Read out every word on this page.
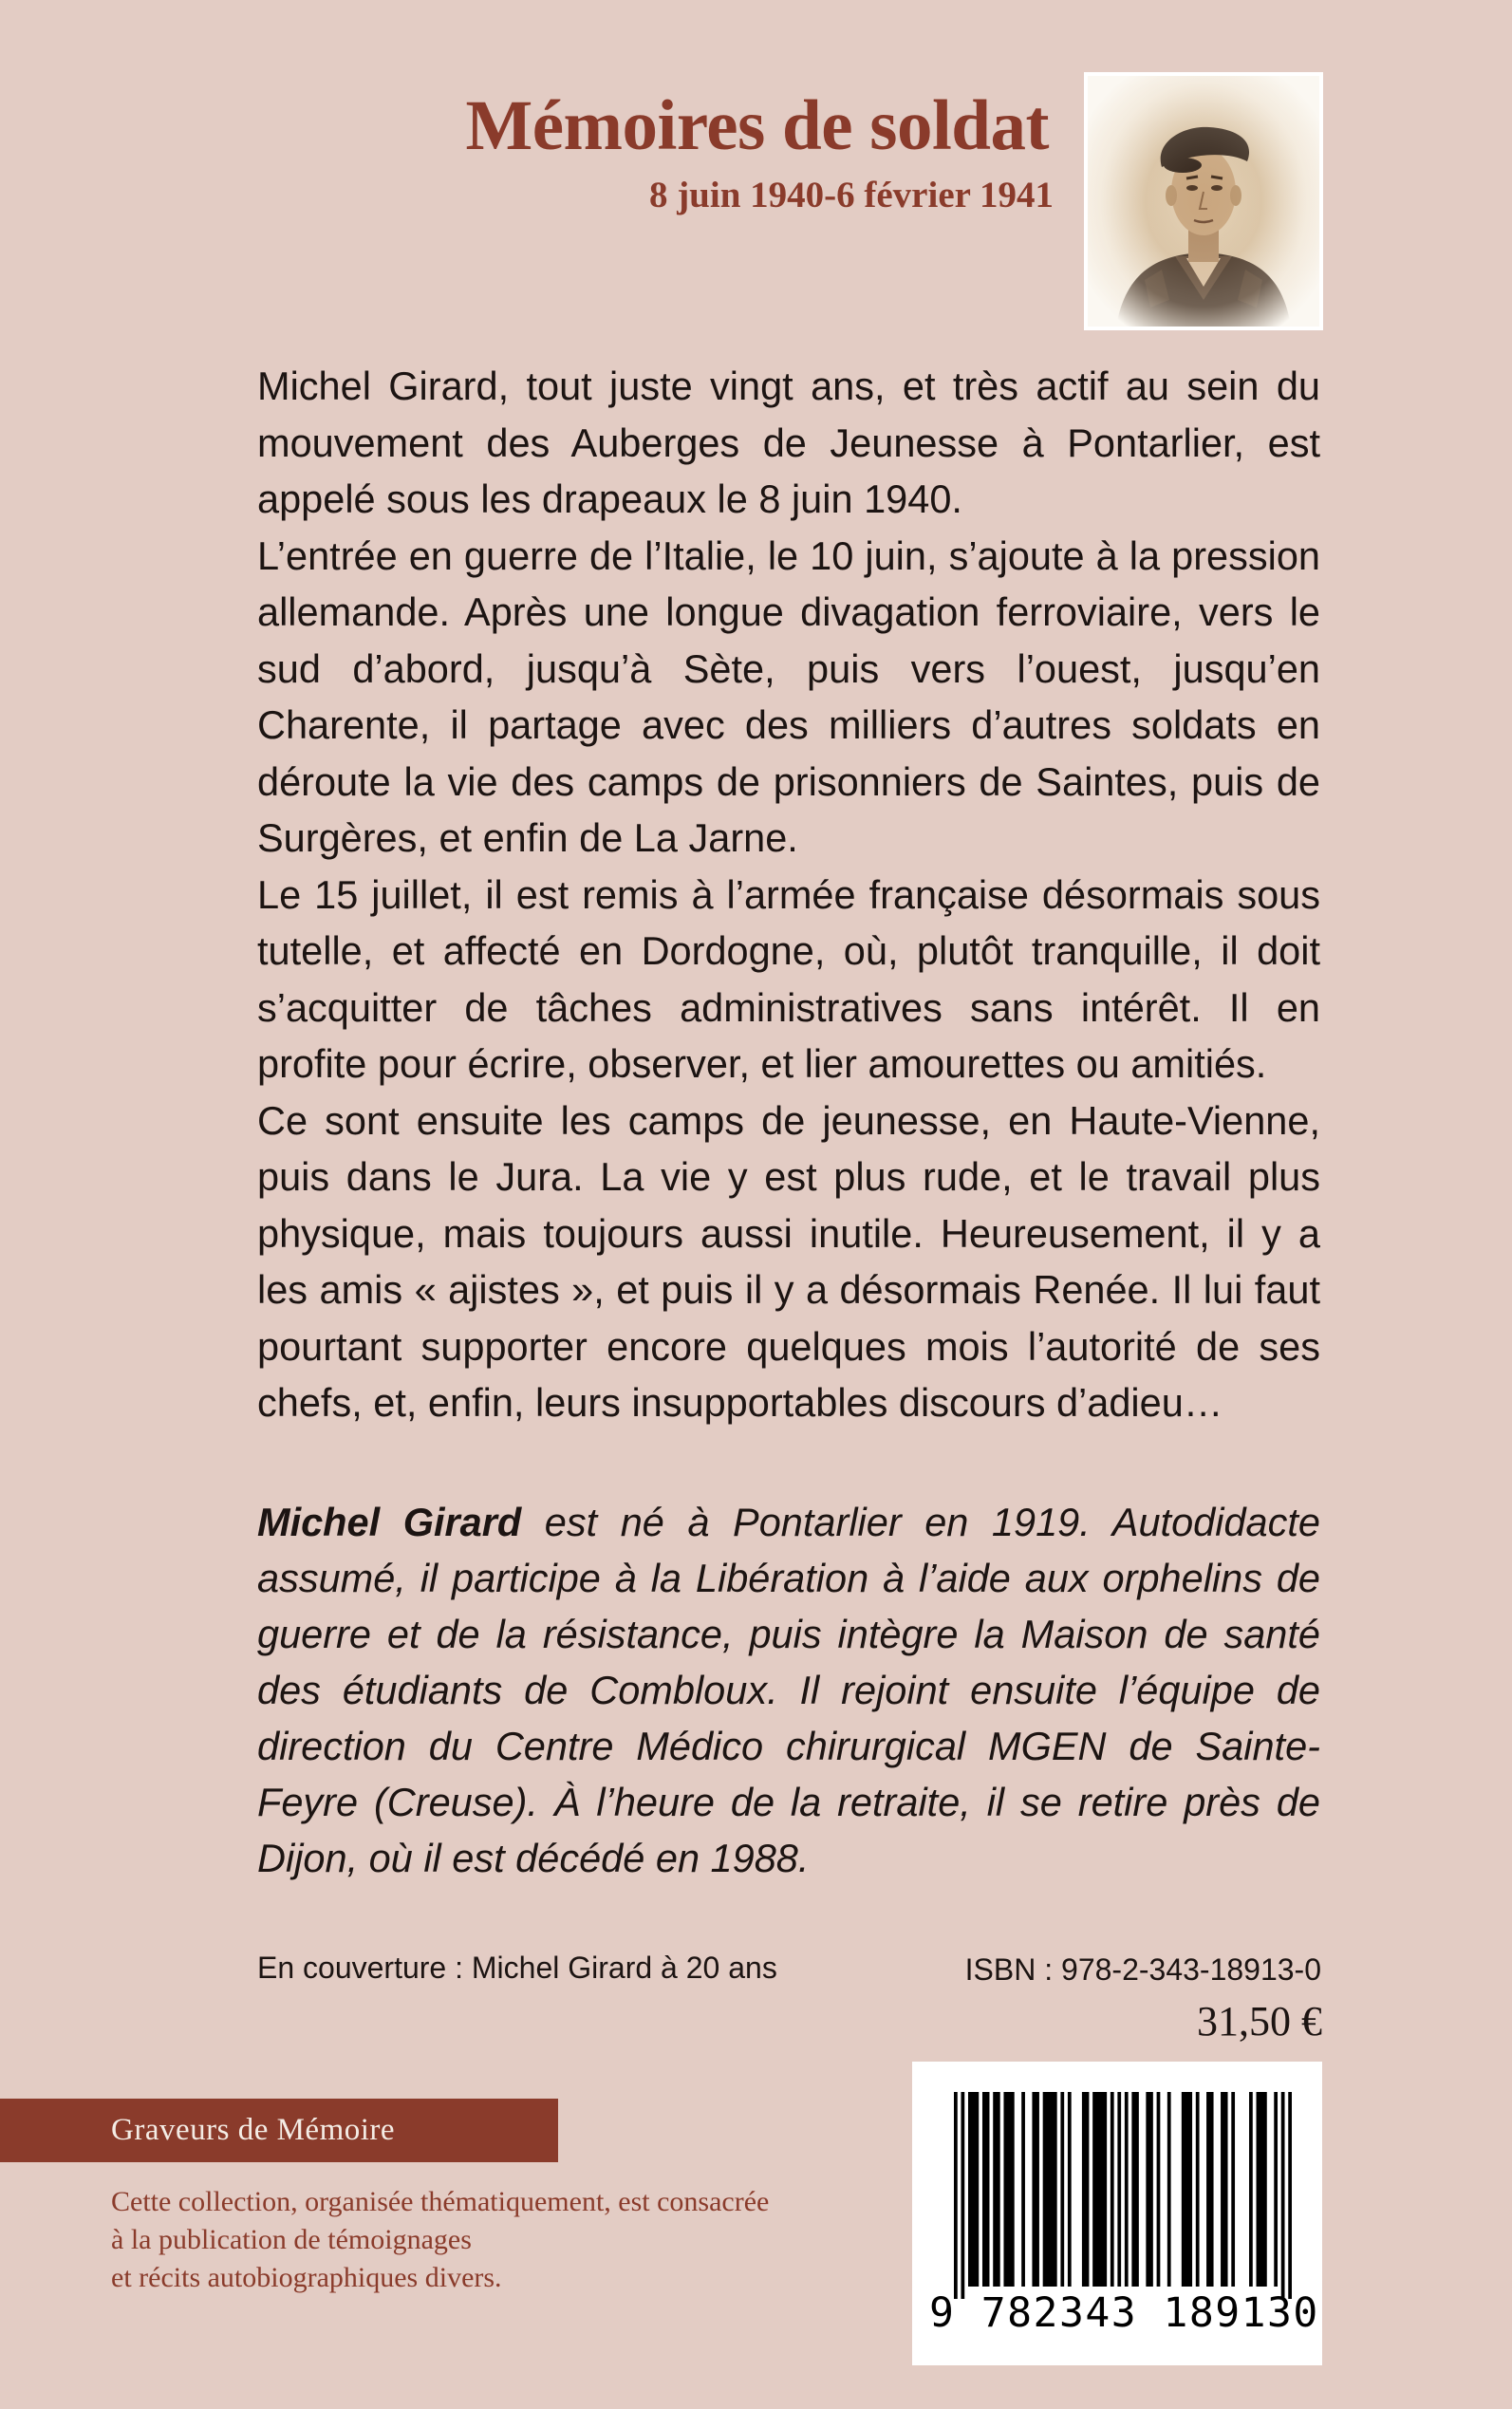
Mémoires de soldat
8 juin 1940-6 février 1941

Michel Girard, tout juste vingt ans, et très actif au sein du mouvement des Auberges de Jeunesse à Pontarlier, est appelé sous les drapeaux le 8 juin 1940.

L’entrée en guerre de l’Italie, le 10 juin, s’ajoute à la pression allemande. Après une longue divagation ferroviaire, vers le sud d’abord, jusqu’à Sète, puis vers l’ouest, jusqu’en Charente, il partage avec des milliers d’autres soldats en déroute la vie des camps de prisonniers de Saintes, puis de Surgères, et enfin de La Jarne.

Le 15 juillet, il est remis à l’armée française désormais sous tutelle, et affecté en Dordogne, où, plutôt tranquille, il doit s’acquitter de tâches administratives sans intérêt. Il en profite pour écrire, observer, et lier amourettes ou amitiés.

Ce sont ensuite les camps de jeunesse, en Haute-Vienne, puis dans le Jura. La vie y est plus rude, et le travail plus physique, mais toujours aussi inutile. Heureusement, il y a les amis « ajistes », et puis il y a désormais Renée. Il lui faut pourtant supporter encore quelques mois l’autorité de ses chefs, et, enfin, leurs insupportables discours d’adieu…

Michel Girard est né à Pontarlier en 1919. Autodidacte assumé, il participe à la Libération à l’aide aux orphelins de guerre et de la résistance, puis intègre la Maison de santé des étudiants de Combloux. Il rejoint ensuite l’équipe de direction du Centre Médico chirurgical MGEN de Sainte-Feyre (Creuse). À l’heure de la retraite, il se retire près de Dijon, où il est décédé en 1988.
En couverture : Michel Girard à 20 ans	ISBN : 978-2-343-18913-0
31,50 €
9 782343 189130
Graveurs de Mémoire
Cette collection, organisée thématiquement, est consacrée
à la publication de témoignages
et récits autobiographiques divers.
